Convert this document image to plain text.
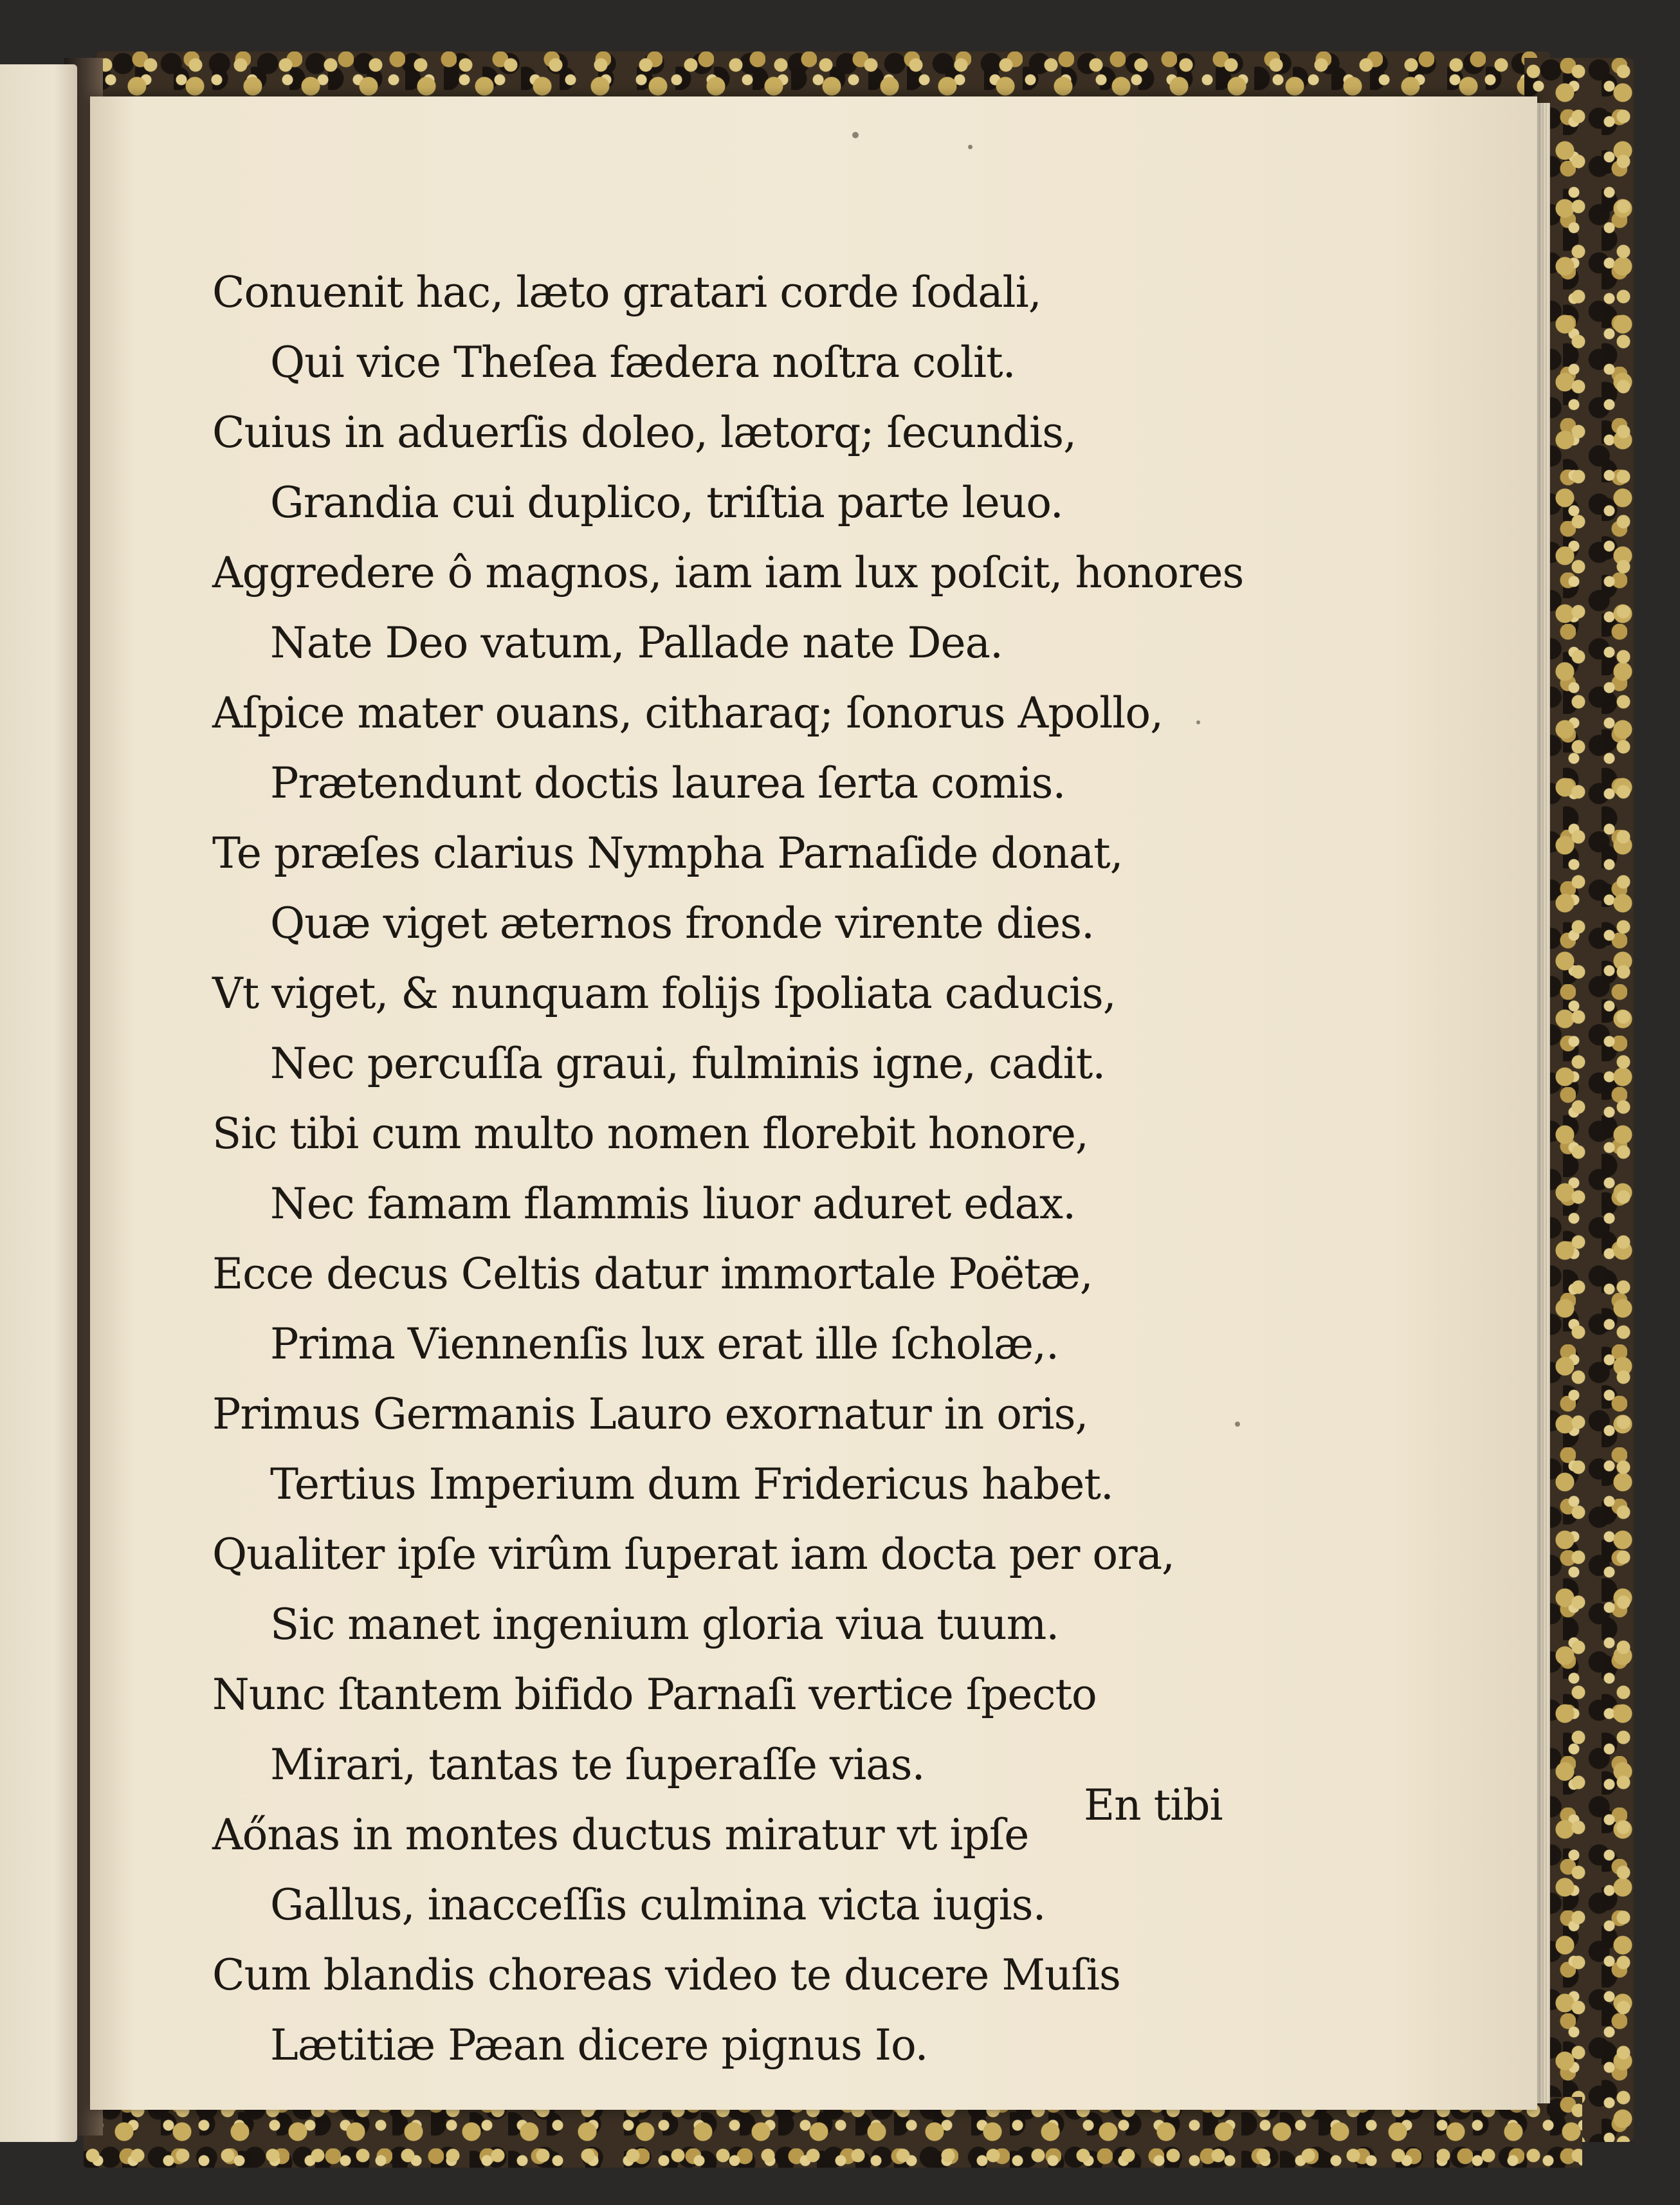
Conuenit hac, læto gratari corde ſodali,
Qui vice Theſea fædera noſtra colit.
Cuius in aduerſis doleo, lætorq; ſecundis,
Grandia cui duplico, triſtia parte leuo.
Aggredere ô magnos, iam iam lux poſcit, honores
Nate Deo vatum, Pallade nate Dea.
Aſpice mater ouans, citharaq; ſonorus Apollo,
Prætendunt doctis laurea ſerta comis.
Te præſes clarius Nympha Parnaſide donat,
Quæ viget æternos fronde virente dies.
Vt viget, & nunquam folijs ſpoliata caducis,
Nec percuſſa graui, fulminis igne, cadit.
Sic tibi cum multo nomen florebit honore,
Nec famam flammis liuor aduret edax.
Ecce decus Celtis datur immortale Poëtæ,
Prima Viennenſis lux erat ille ſcholæ,.
Primus Germanis Lauro exornatur in oris,
Tertius Imperium dum Fridericus habet.
Qualiter ipſe virûm ſuperat iam docta per ora,
Sic manet ingenium gloria viua tuum.
Nunc ſtantem bifido Parnaſi vertice ſpecto
Mirari, tantas te ſuperaſſe vias.
Aőnas in montes ductus miratur vt ipſe
Gallus, inacceſſis culmina victa iugis.
Cum blandis choreas video te ducere Muſis
Lætitiæ Pæan dicere pignus Io.
En tibi
